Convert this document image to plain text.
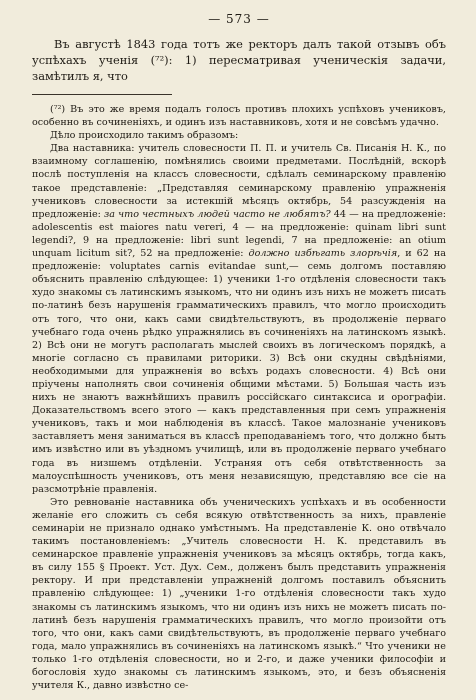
— 573 —

Въ августѣ 1843 года тотъ же ректоръ далъ такой отзывъ объ успѣхахъ ученія (⁷²): 1) пересматривая ученическія задачи, замѣтилъ я, что

(⁷²) Въ это же время подалъ голосъ противъ плохихъ успѣховъ учениковъ, особенно въ сочиненіяхъ, и одинъ изъ наставниковъ, хотя и не совсѣмъ удачно.

Дѣло происходило такимъ образомъ:

Два наставника: учитель словесности П. П. и учитель Св. Писанія Н. К., по взаимному соглашенію, помѣнялись своими предметами. Послѣдній, вскорѣ послѣ поступленія на классъ словесности, сдѣлалъ семинарскому правленію такое представленіе: „Представляя семинарскому правленію упражненія учениковъ словесности за истекшій мѣсяцъ октябрь, 54 разсужденія на предложеніе: за что честныхъ людей часто не любятъ? 44 — на предложеніе: adolescentis est maiores natu vereri, 4 — на предложеніе: quinam libri sunt legendi?, 9 на предложеніе: libri sunt legendi, 7 на предложеніе: an otium unquam licitum sit?, 52 на предложеніе: должно избѣгать злорѣчія, и 62 на предложеніе: voluptates carnis evitandae sunt,— семь долгомъ поставляю объяснить правленію слѣдующее: 1) ученики 1-го отдѣленія словесности такъ худо знакомы съ латинскимъ языкомъ, что ни одинъ изъ нихъ не можетъ писать по-латинѣ безъ нарушенія грамматическихъ правилъ, что могло происходить отъ того, что они, какъ сами свидѣтельствуютъ, въ продолженіе перваго учебнаго года очень рѣдко упражнялись въ сочиненіяхъ на латинскомъ языкѣ. 2) Всѣ они не могутъ располагать мыслей своихъ въ логическомъ порядкѣ, а многіе согласно съ правилами риторики. 3) Всѣ они скудны свѣдѣніями, необходимыми для упражненія во всѣхъ родахъ словесности. 4) Всѣ они пріучены наполнять свои сочиненія общими мѣстами. 5) Большая часть изъ нихъ не знаютъ важнѣйшихъ правилъ россійскаго синтаксиса и орографіи. Доказательствомъ всего этого — какъ представленныя при семъ упражненія учениковъ, такъ и мои наблюденія въ классѣ. Такое малознаніе учениковъ заставляетъ меня заниматься въ классѣ преподаваніемъ того, что должно быть имъ извѣстно или въ уѣздномъ училищѣ, или въ продолженіе перваго учебнаго года въ низшемъ отдѣленіи. Устраняя отъ себя отвѣтственность за малоуспѣшность учениковъ, отъ меня независящую, представляю все сіе на разсмотрѣніе правленія.

Это ревнованіе наставника объ ученическихъ успѣхахъ и въ особенности желаніе его сложить съ себя всякую отвѣтственность за нихъ, правленіе семинаріи не признало однако умѣстнымъ. На представленіе К. оно отвѣчало такимъ постановленіемъ: „Учитель словесности Н. К. представилъ въ семинарское правленіе упражненія учениковъ за мѣсяцъ октябрь, тогда какъ, въ силу 155 § Проект. Уст. Дух. Сем., долженъ былъ представить упражненія ректору. И при представленіи упражненій долгомъ поставилъ объяснить правленію слѣдующее: 1) „ученики 1-го отдѣленія словесности такъ худо знакомы съ латинскимъ языкомъ, что ни одинъ изъ нихъ не можетъ писать по-латинѣ безъ нарушенія грамматическихъ правилъ, что могло произойти отъ того, что они, какъ сами свидѣтельствуютъ, въ продолженіе перваго учебнаго года, мало упражнялись въ сочиненіяхъ на латинскомъ языкѣ.“ Что ученики не только 1-го отдѣленія словесности, но и 2-го, и даже ученики философіи и богословія худо знакомы съ латинскимъ языкомъ, это, и безъ объясненія учителя К., давно извѣстно се-
